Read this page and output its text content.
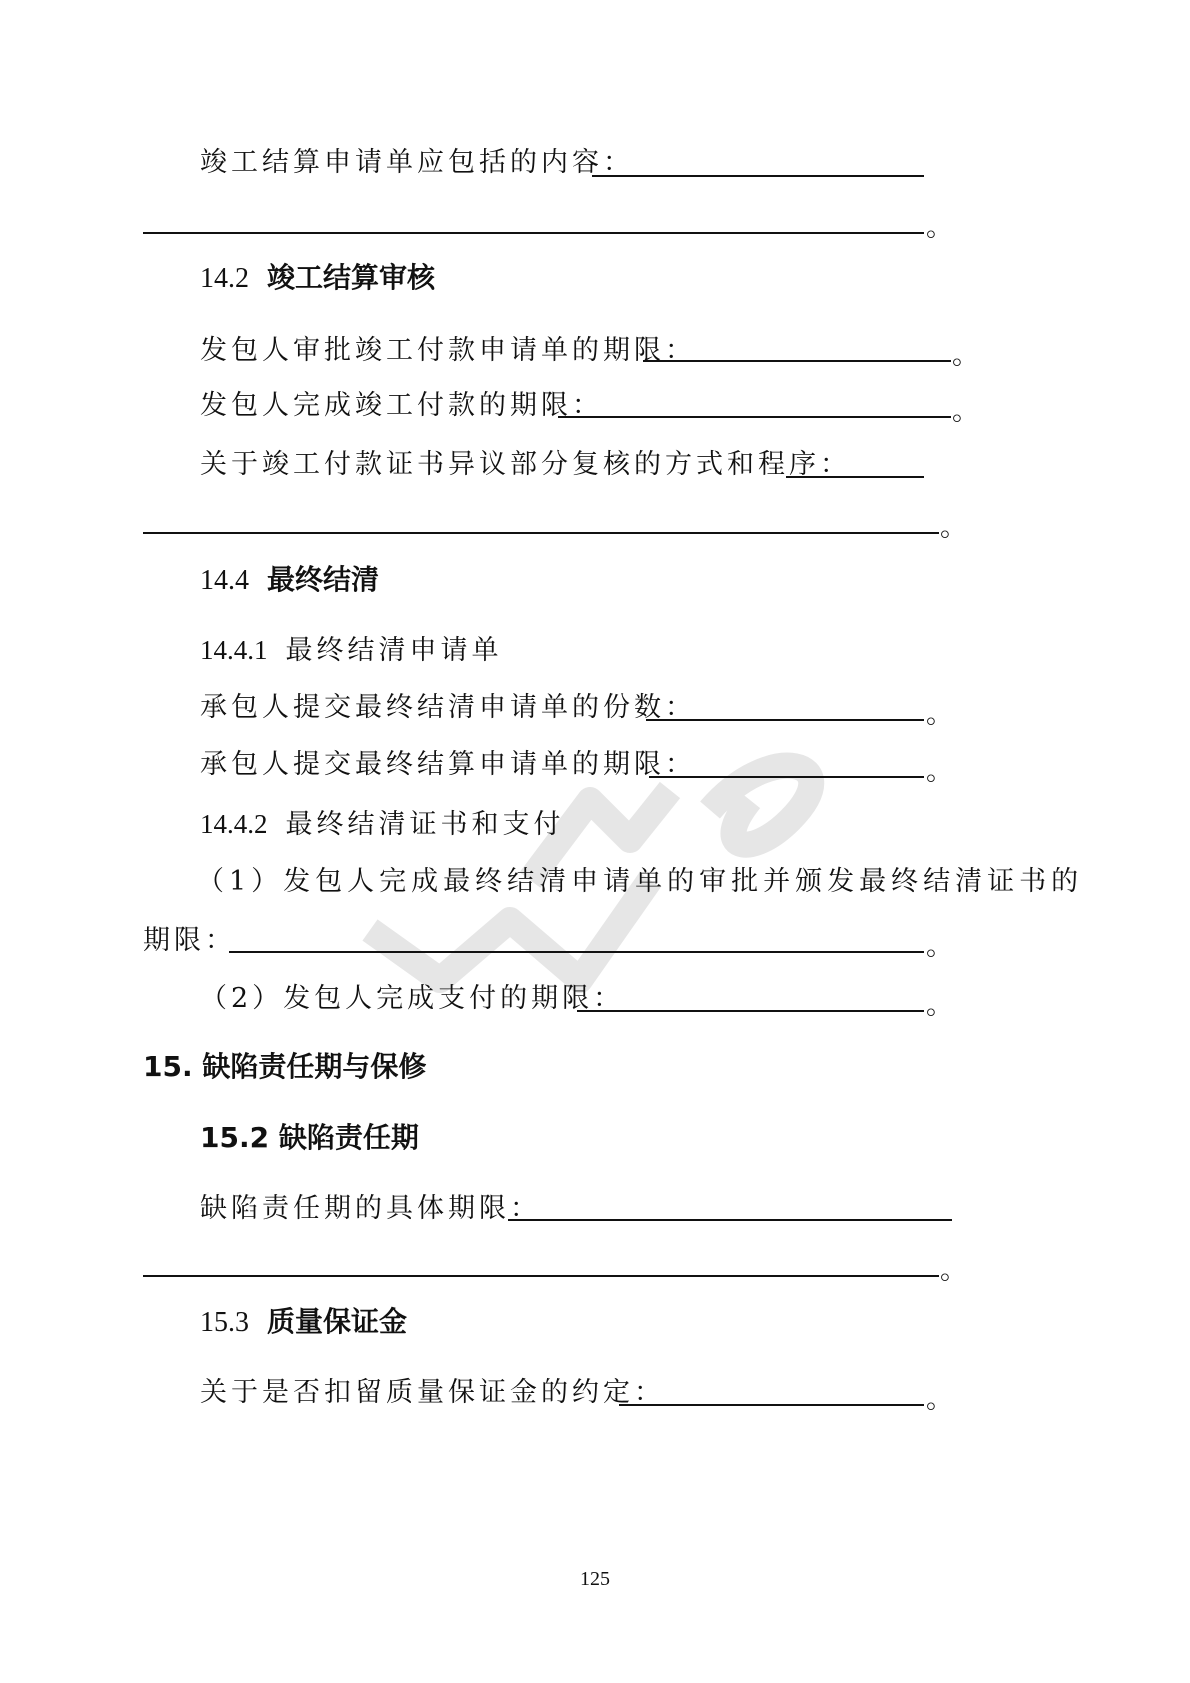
竣工结算申请单应包括的内容：
。
14.2 竣工结算审核
发包人审批竣工付款申请单的期限：	。
发包人完成竣工付款的期限：	。
关于竣工付款证书异议部分复核的方式和程序：
。
14.4 最终结清
14.4.1 最终结清申请单
承包人提交最终结清申请单的份数：	。
承包人提交最终结算申请单的期限：	。
14.4.2 最终结清证书和支付
（1）发包人完成最终结清申请单的审批并颁发最终结清证书的
期限：	。
（2）发包人完成支付的期限：	。
15. 缺陷责任期与保修
15.2 缺陷责任期
缺陷责任期的具体期限：
。
15.3 质量保证金
关于是否扣留质量保证金的约定：	。
125
